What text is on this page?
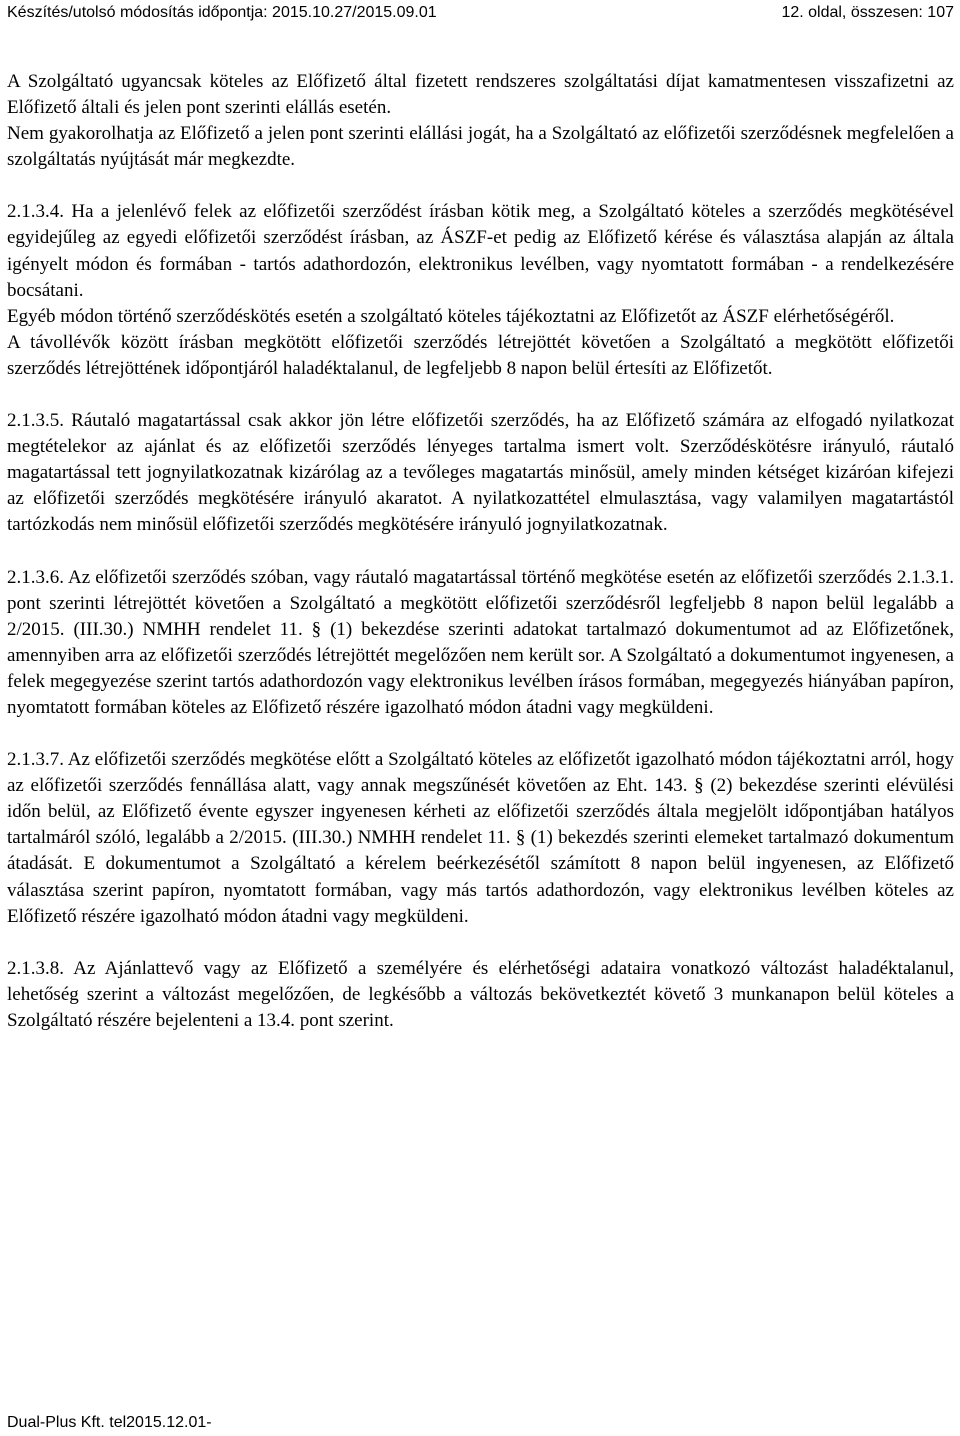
Készítés/utolsó módosítás időpontja: 2015.10.27/2015.09.01	12. oldal, összesen: 107

A Szolgáltató ugyancsak köteles az Előfizető által fizetett rendszeres szolgáltatási díjat kamatmentesen visszafizetni az Előfizető általi és jelen pont szerinti elállás esetén.

Nem gyakorolhatja az Előfizető a jelen pont szerinti elállási jogát, ha a Szolgáltató az előfizetői szerződésnek megfelelően a szolgáltatás nyújtását már megkezdte.

2.1.3.4. Ha a jelenlévő felek az előfizetői szerződést írásban kötik meg, a Szolgáltató köteles a szerződés megkötésével egyidejűleg az egyedi előfizetői szerződést írásban, az ÁSZF-et pedig az Előfizető kérése és választása alapján az általa igényelt módon és formában - tartós adathordozón, elektronikus levélben, vagy nyomtatott formában - a rendelkezésére bocsátani.

Egyéb módon történő szerződéskötés esetén a szolgáltató köteles tájékoztatni az Előfizetőt az ÁSZF elérhetőségéről.

A távollévők között írásban megkötött előfizetői szerződés létrejöttét követően a Szolgáltató a megkötött előfizetői szerződés létrejöttének időpontjáról haladéktalanul, de legfeljebb 8 napon belül értesíti az Előfizetőt.

2.1.3.5. Ráutaló magatartással csak akkor jön létre előfizetői szerződés, ha az Előfizető számára az elfogadó nyilatkozat megtételekor az ajánlat és az előfizetői szerződés lényeges tartalma ismert volt. Szerződéskötésre irányuló, ráutaló magatartással tett jognyilatkozatnak kizárólag az a tevőleges magatartás minősül, amely minden kétséget kizáróan kifejezi az előfizetői szerződés megkötésére irányuló akaratot. A nyilatkozattétel elmulasztása, vagy valamilyen magatartástól tartózkodás nem minősül előfizetői szerződés megkötésére irányuló jognyilatkozatnak.

2.1.3.6. Az előfizetői szerződés szóban, vagy ráutaló magatartással történő megkötése esetén az előfizetői szerződés 2.1.3.1. pont szerinti létrejöttét követően a Szolgáltató a megkötött előfizetői szerződésről legfeljebb 8 napon belül legalább a 2/2015. (III.30.) NMHH rendelet 11. § (1) bekezdése szerinti adatokat tartalmazó dokumentumot ad az Előfizetőnek, amennyiben arra az előfizetői szerződés létrejöttét megelőzően nem került sor. A Szolgáltató a dokumentumot ingyenesen, a felek megegyezése szerint tartós adathordozón vagy elektronikus levélben írásos formában, megegyezés hiányában papíron, nyomtatott formában köteles az Előfizető részére igazolható módon átadni vagy megküldeni.

2.1.3.7. Az előfizetői szerződés megkötése előtt a Szolgáltató köteles az előfizetőt igazolható módon tájékoztatni arról, hogy az előfizetői szerződés fennállása alatt, vagy annak megszűnését követően az Eht. 143. § (2) bekezdése szerinti elévülési időn belül, az Előfizető évente egyszer ingyenesen kérheti az előfizetői szerződés általa megjelölt időpontjában hatályos tartalmáról szóló, legalább a 2/2015. (III.30.) NMHH rendelet 11. § (1) bekezdés szerinti elemeket tartalmazó dokumentum átadását. E dokumentumot a Szolgáltató a kérelem beérkezésétől számított 8 napon belül ingyenesen, az Előfizető választása szerint papíron, nyomtatott formában, vagy más tartós adathordozón, vagy elektronikus levélben köteles az Előfizető részére igazolható módon átadni vagy megküldeni.

2.1.3.8. Az Ajánlattevő vagy az Előfizető a személyére és elérhetőségi adataira vonatkozó változást haladéktalanul, lehetőség szerint a változást megelőzően, de legkésőbb a változás bekövetkeztét követő 3 munkanapon belül köteles a Szolgáltató részére bejelenteni a 13.4. pont szerint.

Dual-Plus Kft. tel2015.12.01-
